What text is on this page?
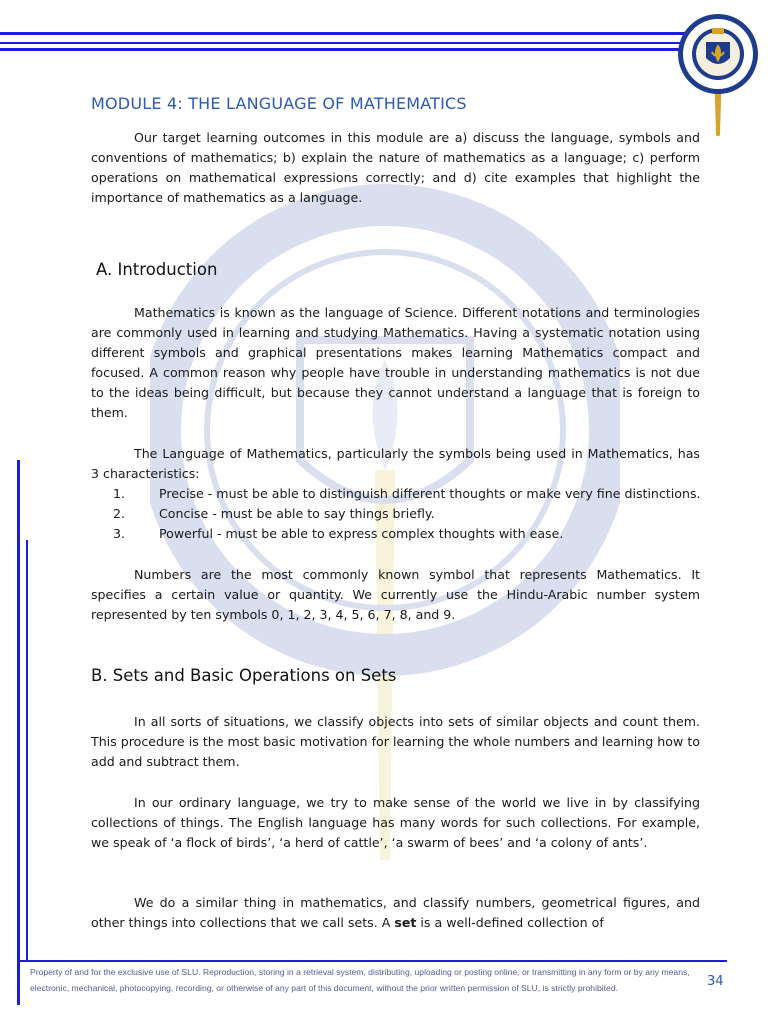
MODULE 4: THE LANGUAGE OF MATHEMATICS

Our target learning outcomes in this module are a) discuss the language, symbols and conventions of mathematics; b) explain the nature of mathematics as a language; c) perform operations on mathematical expressions correctly; and d) cite examples that highlight the importance of mathematics as a language.

A. Introduction

Mathematics is known as the language of Science. Different notations and terminologies are commonly used in learning and studying Mathematics. Having a systematic notation using different symbols and graphical presentations makes learning Mathematics compact and focused. A common reason why people have trouble in understanding mathematics is not due to the ideas being difficult, but because they cannot understand a language that is foreign to them.

The Language of Mathematics, particularly the symbols being used in Mathematics, has 3 characteristics:

1.	Precise - must be able to distinguish different thoughts or make very fine distinctions.
2.	Concise - must be able to say things briefly.
3.	Powerful - must be able to express complex thoughts with ease.

Numbers are the most commonly known symbol that represents Mathematics. It specifies a certain value or quantity. We currently use the Hindu-Arabic number system represented by ten symbols 0, 1, 2, 3, 4, 5, 6, 7, 8, and 9.

B. Sets and Basic Operations on Sets

In all sorts of situations, we classify objects into sets of similar objects and count them. This procedure is the most basic motivation for learning the whole numbers and learning how to add and subtract them.

In our ordinary language, we try to make sense of the world we live in by classifying collections of things. The English language has many words for such collections. For example, we speak of ‘a flock of birds’, ‘a herd of cattle’, ‘a swarm of bees’ and ‘a colony of ants’.

We do a similar thing in mathematics, and classify numbers, geometrical figures, and other things into collections that we call sets. A set is a well-defined collection of

Property of and for the exclusive use of SLU. Reproduction, storing in a retrieval system, distributing, uploading or posting online, or transmitting in any form or by any means, electronic, mechanical, photocopying, recording, or otherwise of any part of this document, without the prior written permission of SLU, is strictly prohibited.	34
